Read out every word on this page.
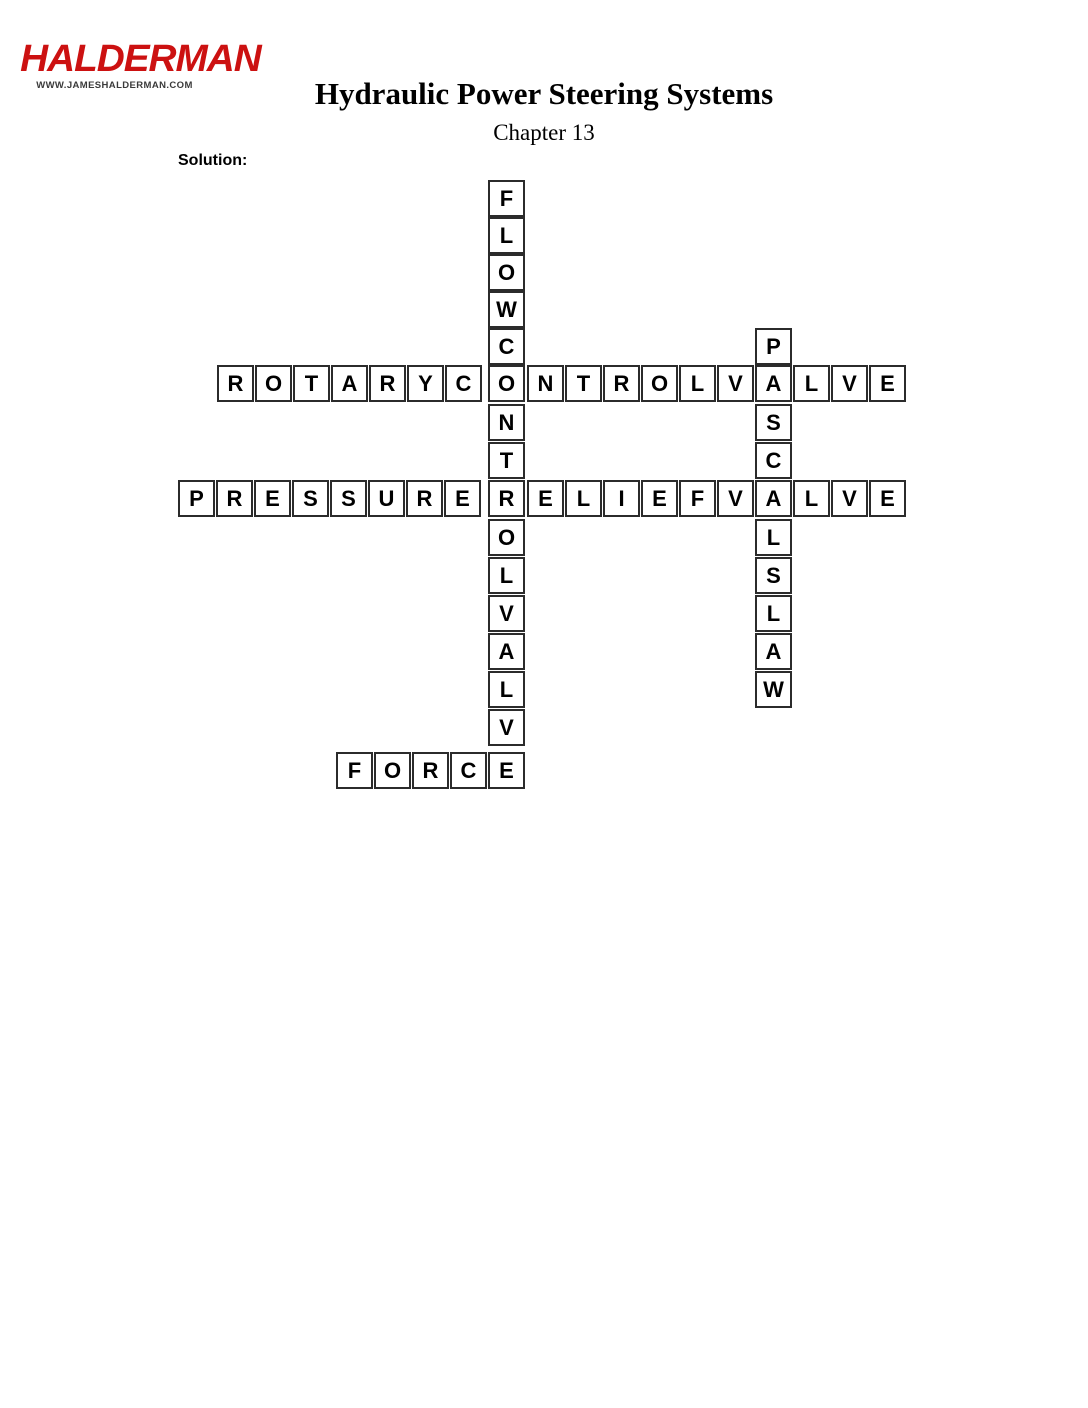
HALDERMAN
WWW.JAMESHALDERMAN.COM	Hydraulic Power Steering Systems
Chapter 13
Solution:
F
L
O
W
C	P
R O	T	A	R	Y	C	O	N	T	R O	L	V	A	L	V	E
N	S
T	C
P	R	E	S	S	U	R	E	R	E	L	I	E	F	V	A	L	V	E
O	L
L	S
V	L
A	A
L	W
V
F	O R	C	E
